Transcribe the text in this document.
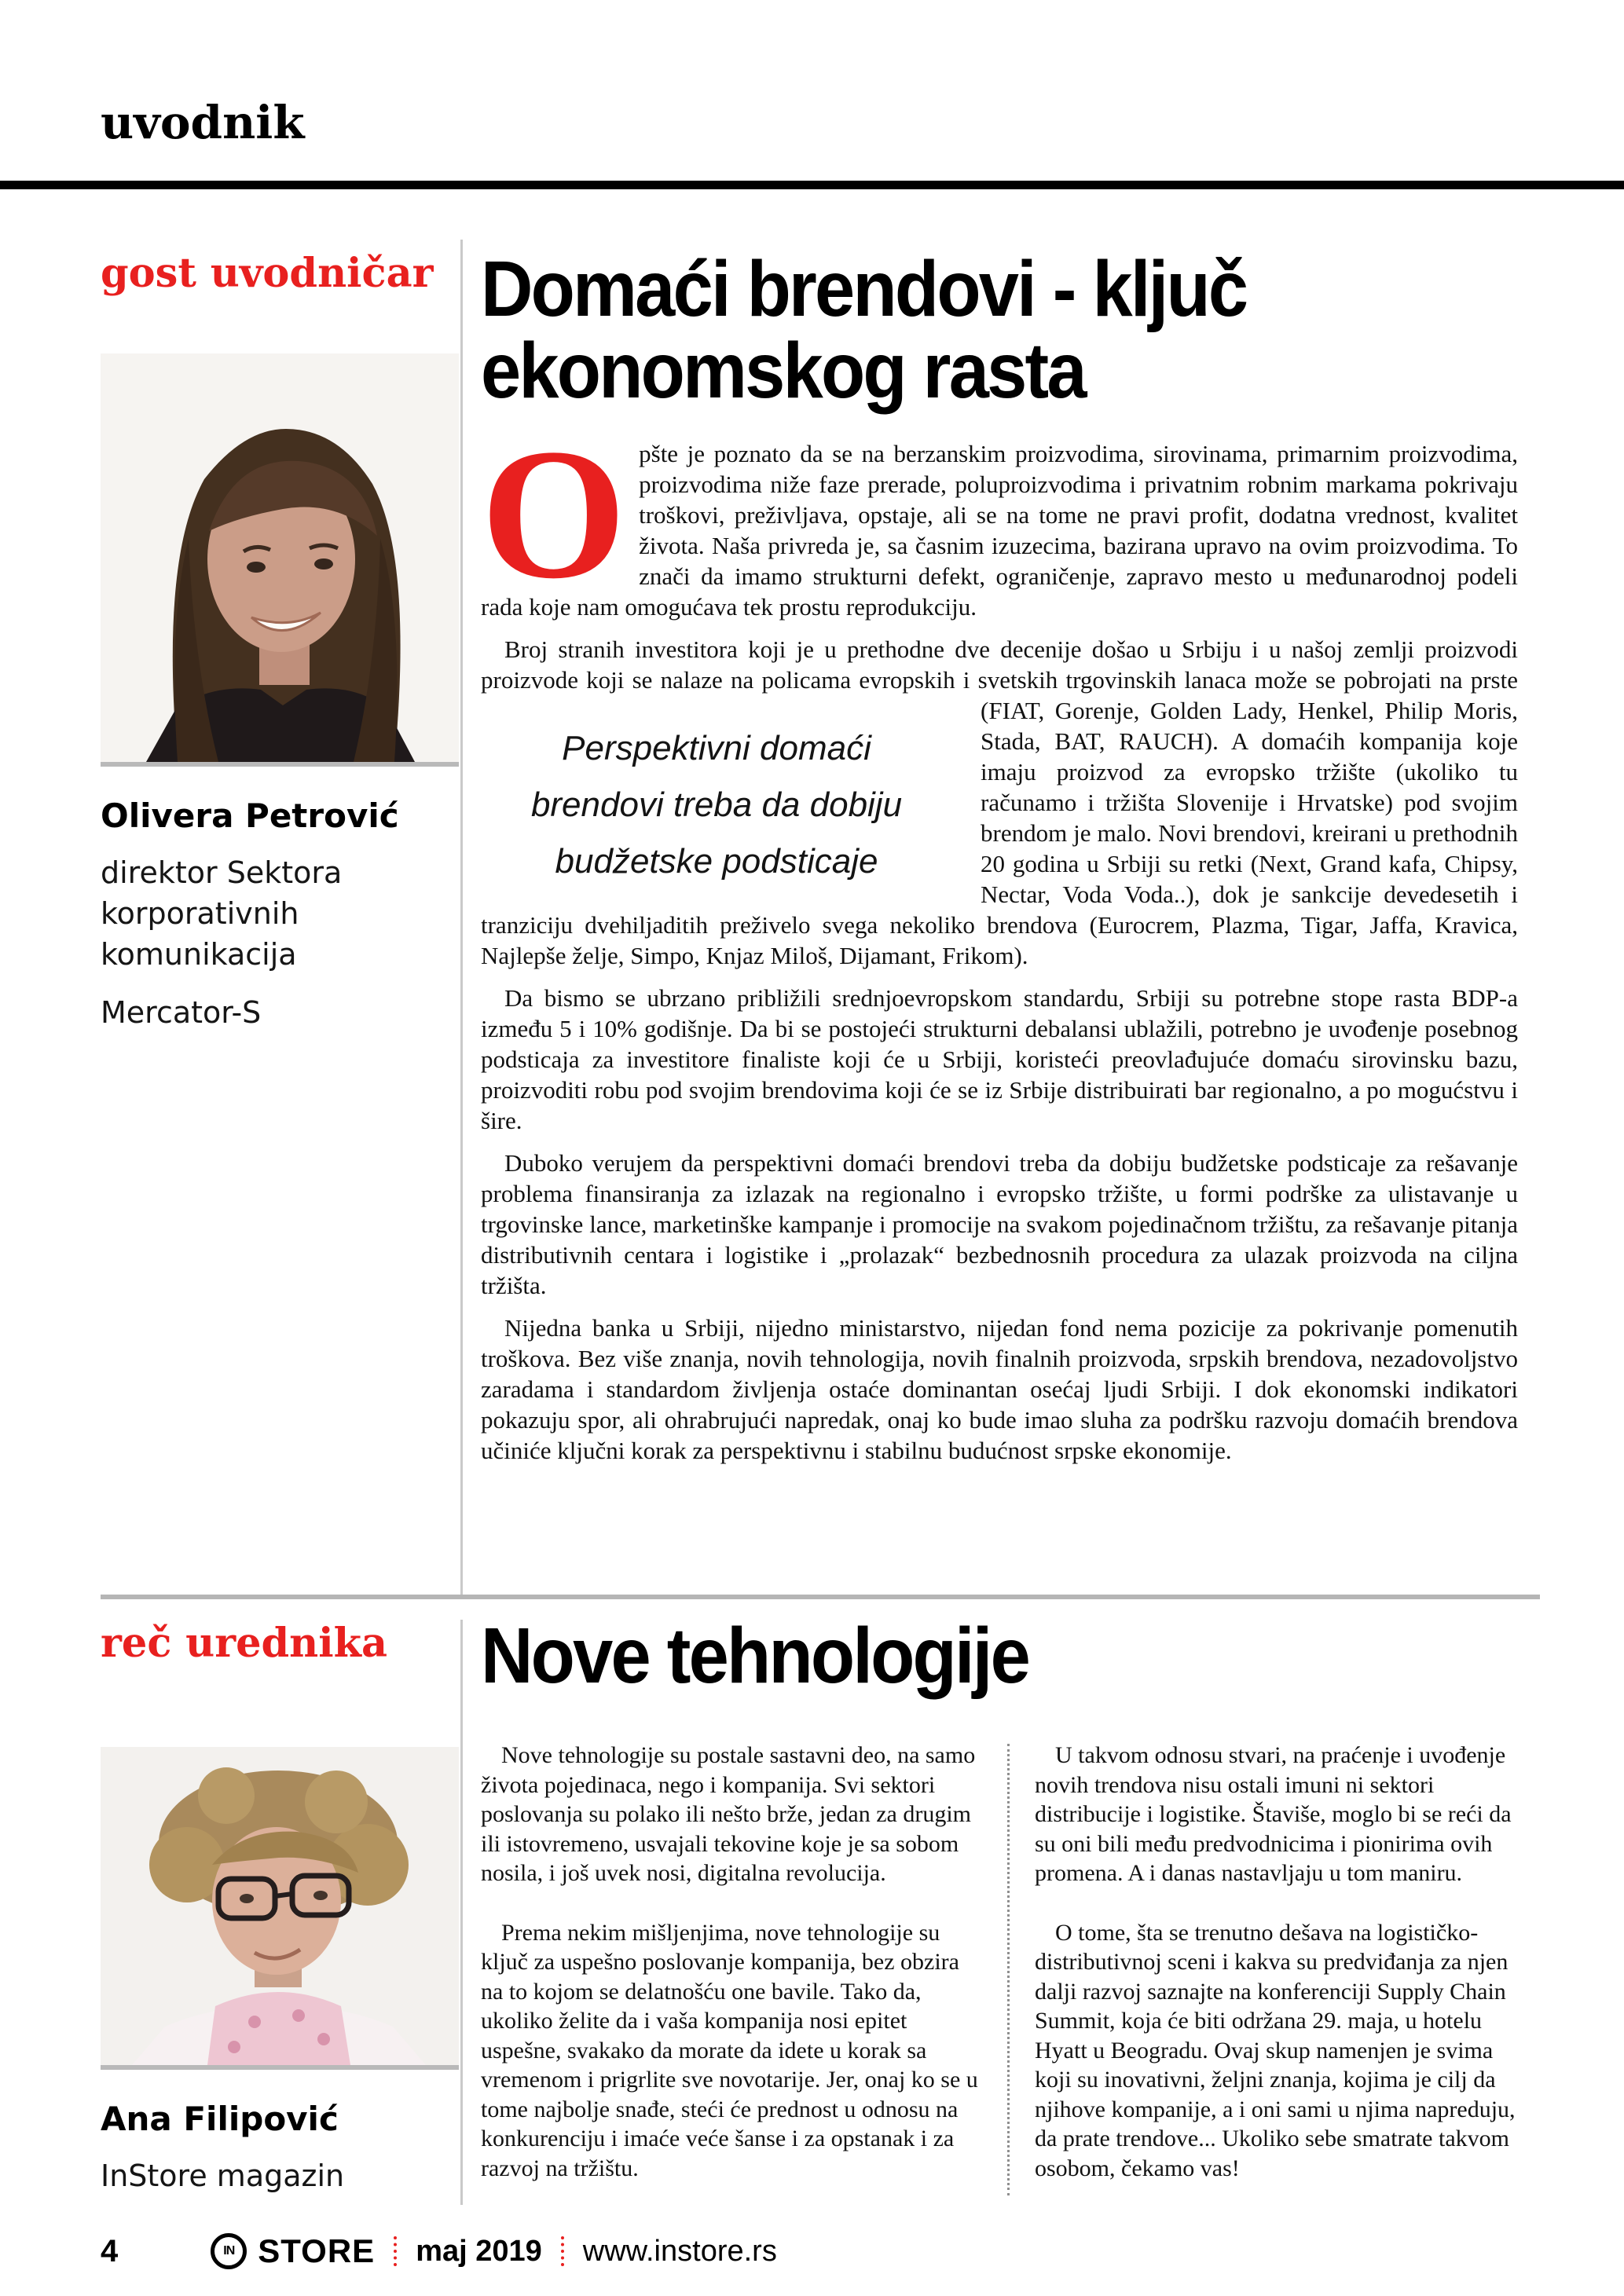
uvodnik
gost uvodničar
Olivera Petrović
direktor Sektora korporativnih komunikacija
Mercator-S
Domaći brendovi - ključ
ekonomskog rasta

Opšte je poznato da se na berzanskim proizvodima, sirovinama, primarnim proizvodima, proizvodima niže faze prerade, poluproizvodima i privatnim robnim markama pokrivaju troškovi, preživljava, opstaje, ali se na tome ne pravi profit, dodatna vrednost, kvalitet života. Naša privreda je, sa časnim izuzecima, bazirana upravo na ovim proizvodima. To znači da imamo strukturni defekt, ograničenje, zapravo mesto u međunarodnoj podeli rada koje nam omogućava tek prostu reprodukciju.

Broj stranih investitora koji je u prethodne dve decenije došao u Srbiju i u našoj zemlji proizvodi proizvode koji se nalaze na policama evropskih i svetskih trgovinskih lanaca
Perspektivni domaći
brendovi treba da dobiju
budžetske podsticaje
može se pobrojati na prste (FIAT, Gorenje, Golden Lady, Henkel, Philip Moris, Stada, BAT, RAUCH). A domaćih kompanija koje imaju proizvod za evropsko tržište (ukoliko tu računamo i tržišta Slovenije i Hrvatske) pod svojim brendom je malo. Novi brendovi, kreirani u prethodnih 20 godina u Srbiji su retki (Next, Grand kafa, Chipsy, Nectar, Voda Voda..), dok je sankcije devedesetih i tranziciju dvehiljaditih preživelo svega nekoliko brendova (Eurocrem, Plazma, Tigar, Jaffa, Kravica, Najlepše želje, Simpo, Knjaz Miloš, Dijamant, Frikom).

Da bismo se ubrzano približili srednjoevropskom standardu, Srbiji su potrebne stope rasta BDP-a između 5 i 10% godišnje. Da bi se postojeći strukturni debalansi ublažili, potrebno je uvođenje posebnog podsticaja za investitore finaliste koji će u Srbiji, koristeći preovlađujuće domaću sirovinsku bazu, proizvoditi robu pod svojim brendovima koji će se iz Srbije distribuirati bar regionalno, a po mogućstvu i šire.

Duboko verujem da perspektivni domaći brendovi treba da dobiju budžetske podsticaje za rešavanje problema finansiranja za izlazak na regionalno i evropsko tržište, u formi podrške za ulistavanje u trgovinske lance, marketinške kampanje i promocije na svakom pojedinačnom tržištu, za rešavanje pitanja distributivnih centara i logistike i „prolazak“ bezbednosnih procedura za ulazak proizvoda na ciljna tržišta.

Nijedna banka u Srbiji, nijedno ministarstvo, nijedan fond nema pozicije za pokrivanje pomenutih troškova. Bez više znanja, novih tehnologija, novih finalnih proizvoda, srpskih brendova, nezadovoljstvo zaradama i standardom življenja ostaće dominantan osećaj ljudi Srbiji. I dok ekonomski indikatori pokazuju spor, ali ohrabrujući napredak, onaj ko bude imao sluha za podršku razvoju domaćih brendova učiniće ključni korak za perspektivnu i stabilnu budućnost srpske ekonomije.

reč urednika
Ana Filipović
InStore magazin
Nove tehnologije

Nove tehnologije su postale sastavni deo, na samo života pojedinaca, nego i kompanija. Svi sektori poslovanja su polako ili nešto brže, jedan za drugim ili istovremeno, usvajali tekovine koje je sa sobom nosila, i još uvek nosi, digitalna revolucija.

Prema nekim mišljenjima, nove tehnologije su ključ za uspešno poslovanje kompanija, bez obzira na to kojom se delatnošću one bavile. Tako da, ukoliko želite da i vaša kompanija nosi epitet uspešne, svakako da morate da idete u korak sa vremenom i prigrlite sve novotarije. Jer, onaj ko se u tome najbolje snađe, steći će prednost u odnosu na konkurenciju i imaće veće šanse i za opstanak i za razvoj na tržištu.

U takvom odnosu stvari, na praćenje i uvođenje novih trendova nisu ostali imuni ni sektori distribucije i logistike. Štaviše, moglo bi se reći da su oni bili među predvodnicima i pionirima ovih promena. A i danas nastavljaju u tom maniru.

O tome, šta se trenutno dešava na logističko-distributivnoj sceni i kakva su predviđanja za njen dalji razvoj saznajte na konferenciji Supply Chain Summit, koja će biti održana 29. maja, u hotelu Hyatt u Beogradu. Ovaj skup namenjen je svima koji su inovativni, željni znanja, kojima je cilj da njihove kompanije, a i oni sami u njima napreduju, da prate trendove... Ukoliko sebe smatrate takvom osobom, čekamo vas!

4	IN STORE maj 2019 www.instore.rs
